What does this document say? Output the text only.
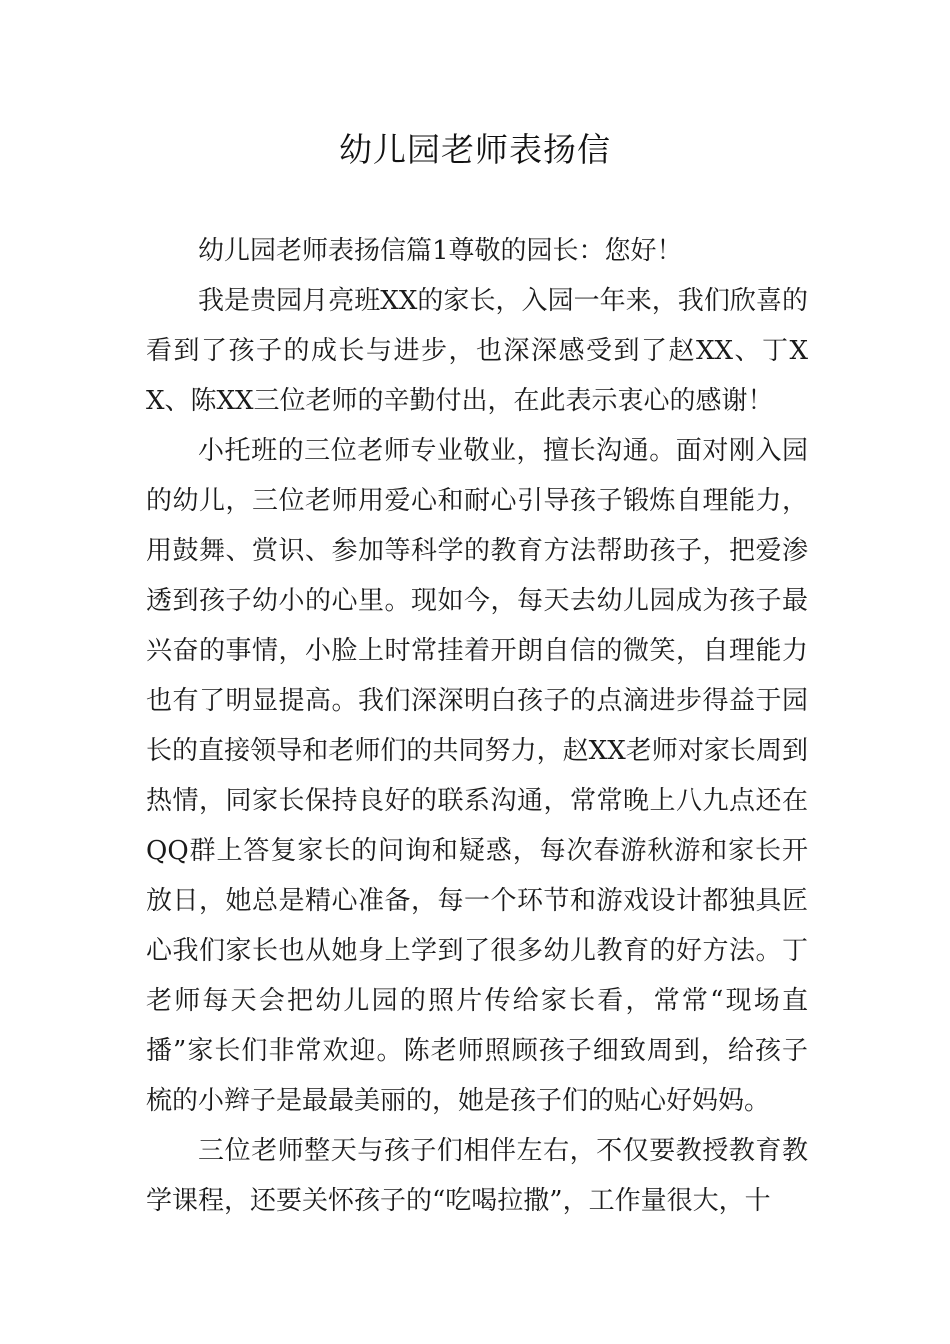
幼儿园老师表扬信

幼儿园老师表扬信篇1尊敬的园长：您好！

我是贵园月亮班XX的家长，入园一年来，我们欣喜的看到了孩子的成长与进步，也深深感受到了赵XX、丁XX、陈XX三位老师的辛勤付出，在此表示衷心的感谢！

小托班的三位老师专业敬业，擅长沟通。面对刚入园的幼儿，三位老师用爱心和耐心引导孩子锻炼自理能力，用鼓舞、赏识、参加等科学的教育方法帮助孩子，把爱渗透到孩子幼小的心里。现如今，每天去幼儿园成为孩子最兴奋的事情，小脸上时常挂着开朗自信的微笑，自理能力也有了明显提高。我们深深明白孩子的点滴进步得益于园长的直接领导和老师们的共同努力，赵XX老师对家长周到热情，同家长保持良好的联系沟通，常常晚上八九点还在QQ群上答复家长的问询和疑惑，每次春游秋游和家长开放日，她总是精心准备，每一个环节和游戏设计都独具匠心我们家长也从她身上学到了很多幼儿教育的好方法。丁老师每天会把幼儿园的照片传给家长看，常常“现场直播”家长们非常欢迎。陈老师照顾孩子细致周到，给孩子梳的小辫子是最最美丽的，她是孩子们的贴心好妈妈。

三位老师整天与孩子们相伴左右，不仅要教授教育教学课程，还要关怀孩子的“吃喝拉撒”，工作量很大，十
